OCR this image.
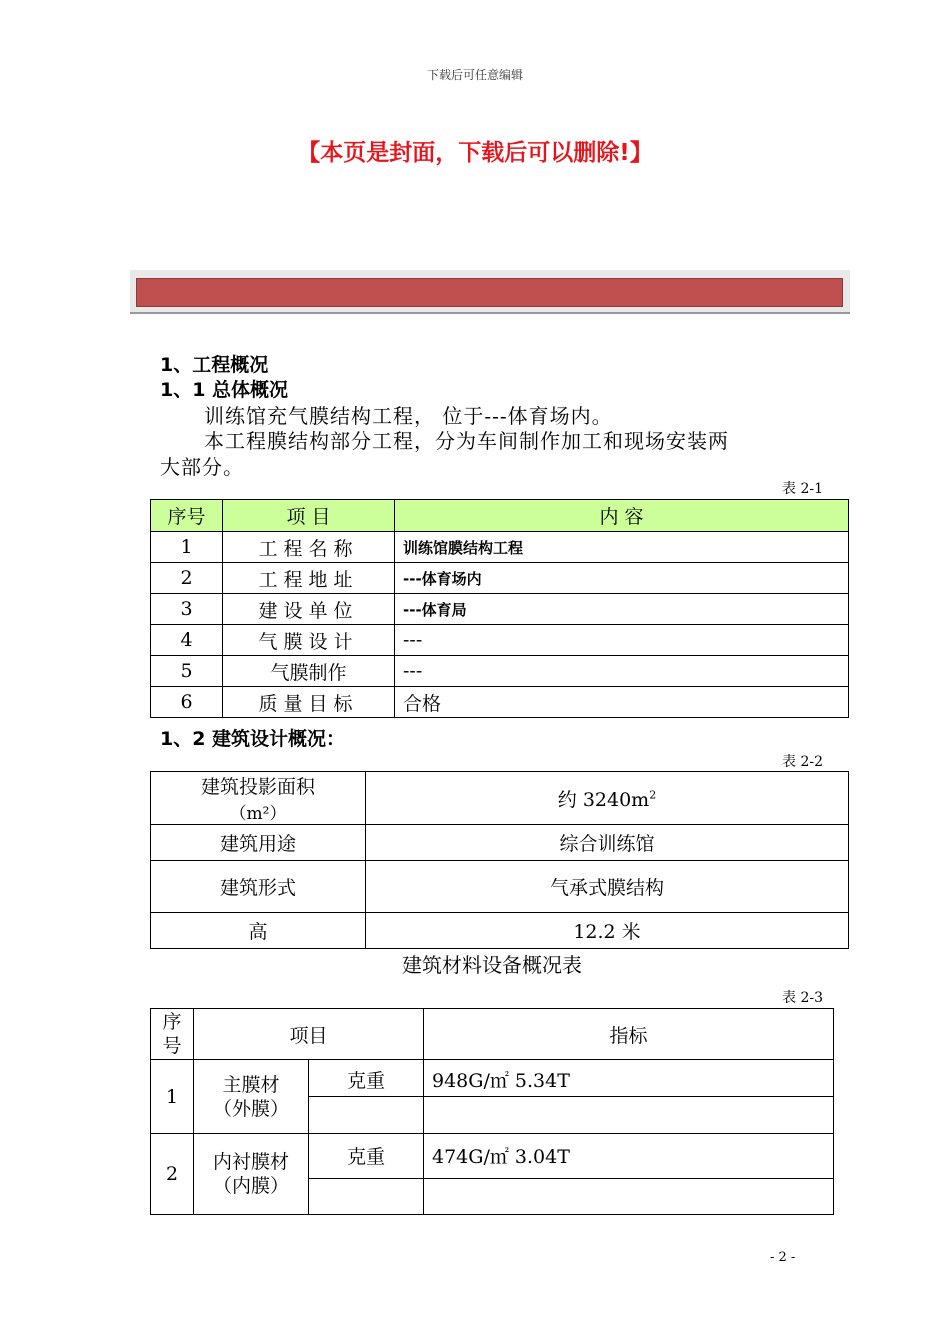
下载后可任意编辑
【本页是封面，下载后可以删除!】
1、工程概况
1、1 总体概况
训练馆充气膜结构工程， 位于---体育场内。
本工程膜结构部分工程，分为车间制作加工和现场安装两
大部分。
表 2-1
序号	项 目	内 容
1	工程名称	训练馆膜结构工程
2	工程地址	---体育场内
3	建设单位	---体育局
4	气膜设计	---
5	气膜制作	---
6	质量目标	合格
1、2 建筑设计概况：
表 2-2
建筑投影面积
（m²）	约 $3240m^2$
建筑用途	综合训练馆
建筑形式	气承式膜结构
高	12.2 米
建筑材料设备概况表
表 2-3
序
号	项目		指标
1	主膜材
（外膜）	克重	948G/㎡ 5.34T

2	内衬膜材
（内膜）	克重	474G/㎡ 3.04T

- 2 -
